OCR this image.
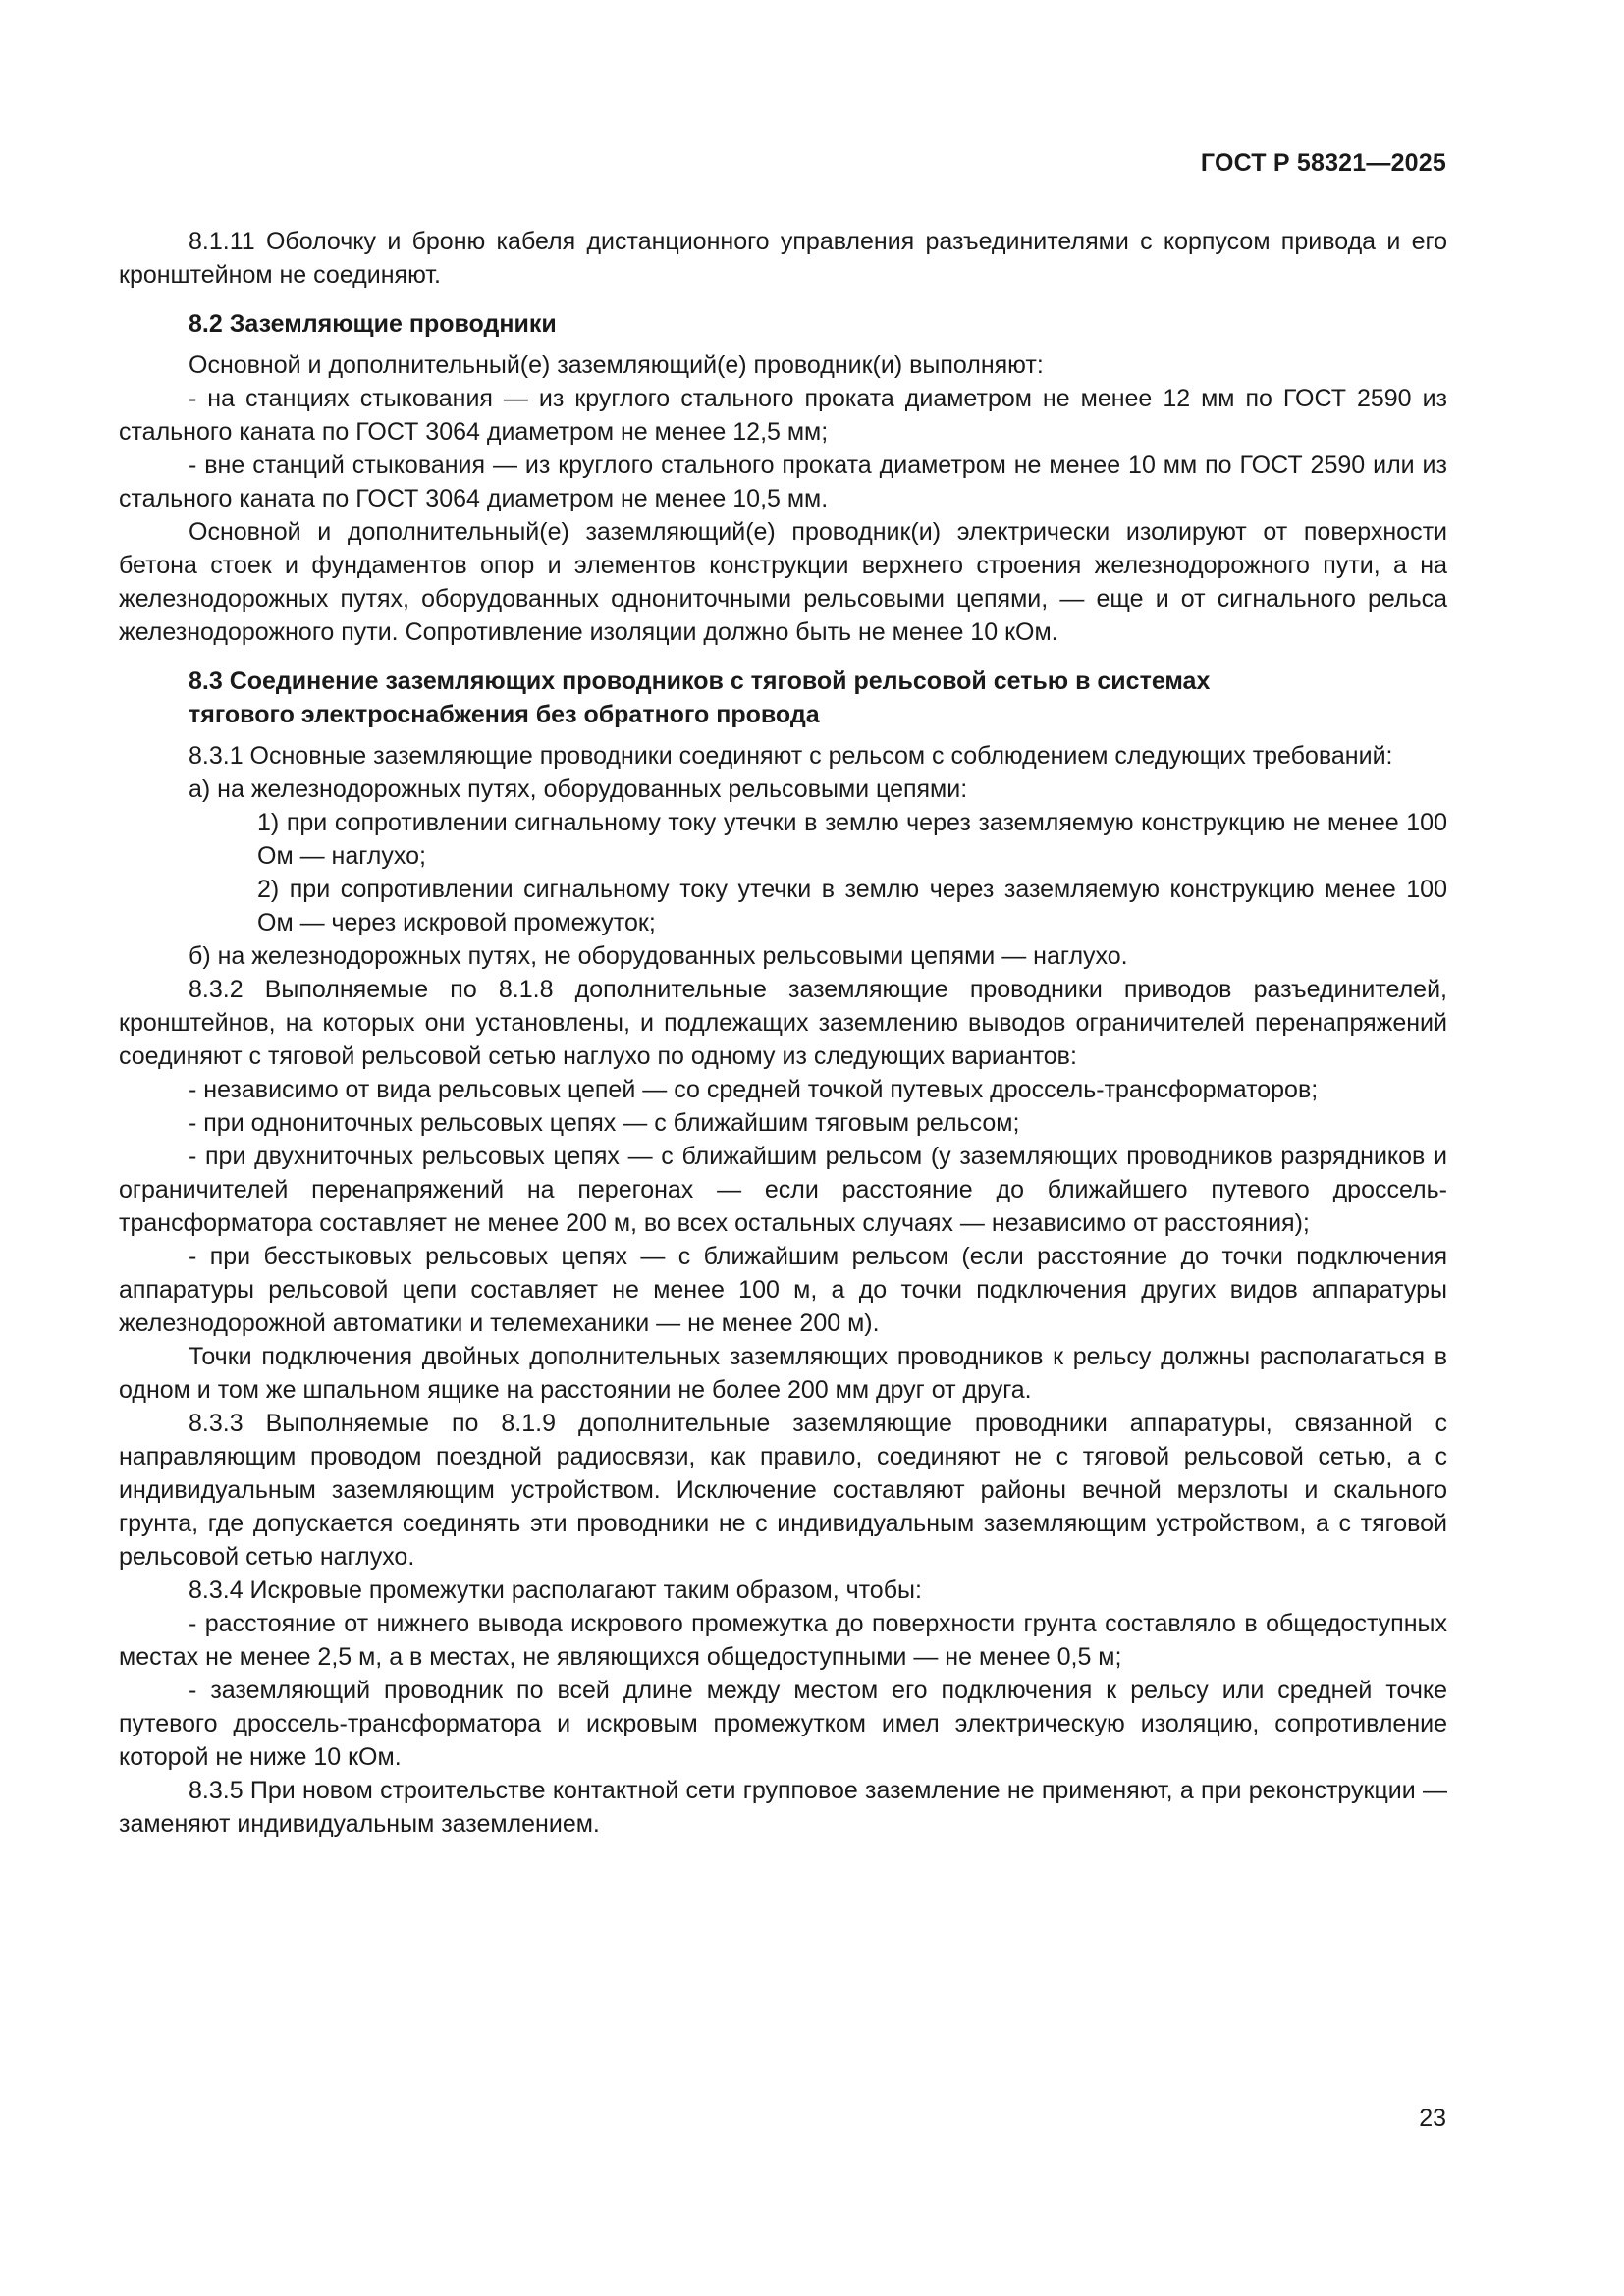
ГОСТ Р 58321—2025

8.1.11 Оболочку и броню кабеля дистанционного управления разъединителями с корпусом привода и его кронштейном не соединяют.

8.2 Заземляющие проводники

Основной и дополнительный(е) заземляющий(е) проводник(и) выполняют:

- на станциях стыкования — из круглого стального проката диаметром не менее 12 мм по ГОСТ 2590 из стального каната по ГОСТ 3064 диаметром не менее 12,5 мм;

- вне станций стыкования — из круглого стального проката диаметром не менее 10 мм по ГОСТ 2590 или из стального каната по ГОСТ 3064 диаметром не менее 10,5 мм.

Основной и дополнительный(е) заземляющий(е) проводник(и) электрически изолируют от поверхности бетона стоек и фундаментов опор и элементов конструкции верхнего строения железнодорожного пути, а на железнодорожных путях, оборудованных однониточными рельсовыми цепями, — еще и от сигнального рельса железнодорожного пути. Сопротивление изоляции должно быть не менее 10 кОм.

8.3 Соединение заземляющих проводников с тяговой рельсовой сетью в системах
тягового электроснабжения без обратного провода

8.3.1 Основные заземляющие проводники соединяют с рельсом с соблюдением следующих требований:

а) на железнодорожных путях, оборудованных рельсовыми цепями:

1) при сопротивлении сигнальному току утечки в землю через заземляемую конструкцию не менее 100 Ом — наглухо;

2) при сопротивлении сигнальному току утечки в землю через заземляемую конструкцию менее 100 Ом — через искровой промежуток;

б) на железнодорожных путях, не оборудованных рельсовыми цепями — наглухо.

8.3.2 Выполняемые по 8.1.8 дополнительные заземляющие проводники приводов разъединителей, кронштейнов, на которых они установлены, и подлежащих заземлению выводов ограничителей перенапряжений соединяют с тяговой рельсовой сетью наглухо по одному из следующих вариантов:

- независимо от вида рельсовых цепей — со средней точкой путевых дроссель-трансформаторов;

- при однониточных рельсовых цепях — с ближайшим тяговым рельсом;

- при двухниточных рельсовых цепях — с ближайшим рельсом (у заземляющих проводников разрядников и ограничителей перенапряжений на перегонах — если расстояние до ближайшего путевого дроссель-трансформатора составляет не менее 200 м, во всех остальных случаях — независимо от расстояния);

- при бесстыковых рельсовых цепях — с ближайшим рельсом (если расстояние до точки подключения аппаратуры рельсовой цепи составляет не менее 100 м, а до точки подключения других видов аппаратуры железнодорожной автоматики и телемеханики — не менее 200 м).

Точки подключения двойных дополнительных заземляющих проводников к рельсу должны располагаться в одном и том же шпальном ящике на расстоянии не более 200 мм друг от друга.

8.3.3 Выполняемые по 8.1.9 дополнительные заземляющие проводники аппаратуры, связанной с направляющим проводом поездной радиосвязи, как правило, соединяют не с тяговой рельсовой сетью, а с индивидуальным заземляющим устройством. Исключение составляют районы вечной мерзлоты и скального грунта, где допускается соединять эти проводники не с индивидуальным заземляющим устройством, а с тяговой рельсовой сетью наглухо.

8.3.4 Искровые промежутки располагают таким образом, чтобы:

- расстояние от нижнего вывода искрового промежутка до поверхности грунта составляло в общедоступных местах не менее 2,5 м, а в местах, не являющихся общедоступными — не менее 0,5 м;

- заземляющий проводник по всей длине между местом его подключения к рельсу или средней точке путевого дроссель-трансформатора и искровым промежутком имел электрическую изоляцию, сопротивление которой не ниже 10 кОм.

8.3.5 При новом строительстве контактной сети групповое заземление не применяют, а при реконструкции — заменяют индивидуальным заземлением.

23
